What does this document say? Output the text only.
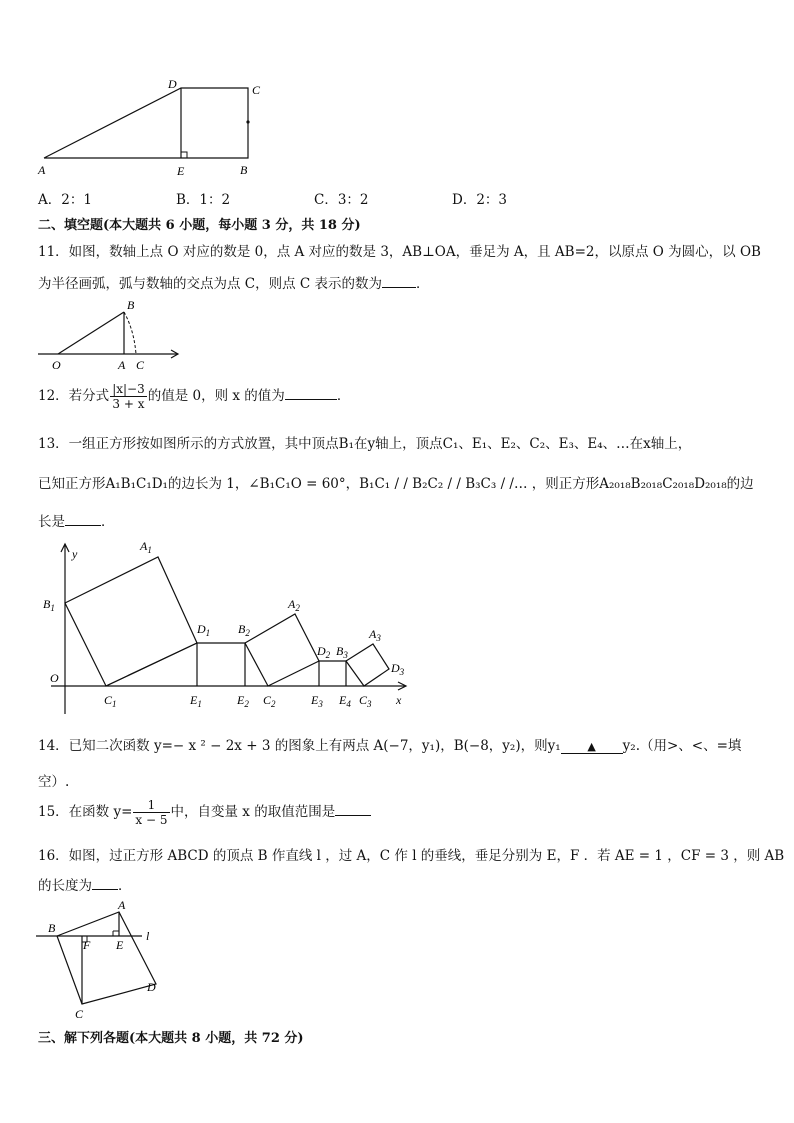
D	C
A	E	B
A．2：1	B．1：2	C．3：2	D．2：3
二、填空题(本大题共 6 小题，每小题 3 分，共 18 分)
11．如图，数轴上点 O 对应的数是 0，点 A 对应的数是 3，AB⊥OA，垂足为 A，且 AB=2，以原点 O 为圆心，以 OB
为半径画弧，弧与数轴的交点为点 C，则点 C 表示的数为	．
B
O	A C
12．若分式 $\frac{|x|-3}{3 + x}$ 的值是 0，则 x 的值为	．
13．一组正方形按如图所示的方式放置，其中顶点B₁在y轴上，顶点C₁、E₁、E₂、C₂、E₃、E₄、…在x轴上，
已知正方形A₁B₁C₁D₁的边长为 1，∠B₁C₁O = 60°，B₁C₁ / / B₂C₂ / / B₃C₃ / /… ，则正方形A₂₀₁₈B₂₀₁₈C₂₀₁₈D₂₀₁₈的边
长是	．
y
x
O
$A_1$
$B_1$
$D_1$ $B_2$
$A_2$
$D_2$ $B_3$
$A_3$
$D_3$
$C_1$	$E_1$	$E_2$ $C_2$	$E_3$ $E_4$ $C_3$
14．已知二次函数 y=− x ² − 2x + 3 的图象上有两点 A(−7，y₁)，B(−8，y₂)，则y₁ ▲ y₂.（用>、<、=填
空）.
15．在函数 $y= \frac{1}{x - 5}$ 中，自变量 x 的取值范围是
16．如图，过正方形 ABCD 的顶点 B 作直线 l ，过 A，C 作 l 的垂线，垂足分别为 E，F ．若 AE = 1 ，CF = 3 ，则 AB
的长度为 ．
A
B
E
F
l
D
C
三、解下列各题(本大题共 8 小题，共 72 分)
